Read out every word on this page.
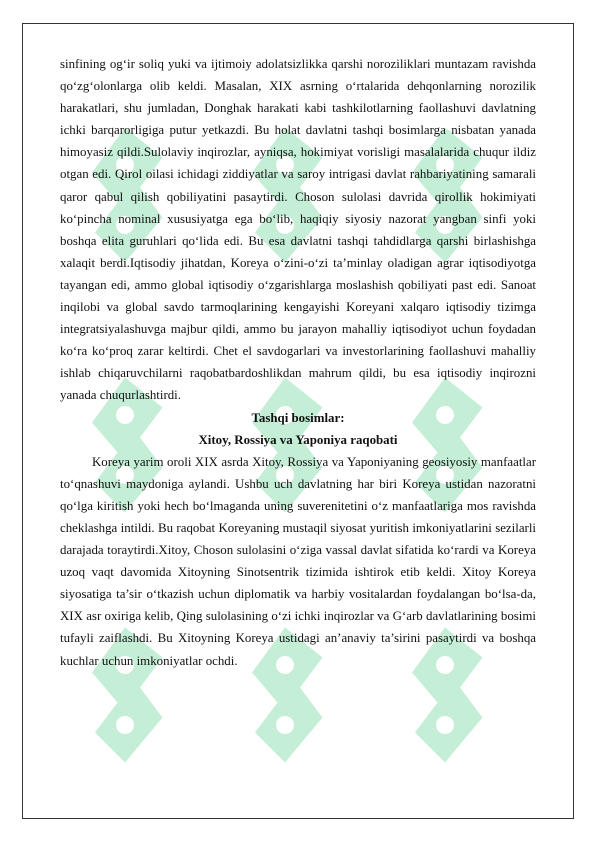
sinfining og‘ir soliq yuki va ijtimoiy adolatsizlikka qarshi noroziliklari muntazam ravishda qo‘zg‘olonlarga olib keldi. Masalan, XIX asrning o‘rtalarida dehqonlarning norozilik harakatlari, shu jumladan, Donghak harakati kabi tashkilotlarning faollashuvi davlatning ichki barqarorligiga putur yetkazdi. Bu holat davlatni tashqi bosimlarga nisbatan yanada himoyasiz qildi.Sulolaviy inqirozlar, ayniqsa, hokimiyat vorisligi masalalarida chuqur ildiz otgan edi. Qirol oilasi ichidagi ziddiyatlar va saroy intrigasi davlat rahbariyatining samarali qaror qabul qilish qobiliyatini pasaytirdi. Choson sulolasi davrida qirollik hokimiyati ko‘pincha nominal xususiyatga ega bo‘lib, haqiqiy siyosiy nazorat yangban sinfi yoki boshqa elita guruhlari qo‘lida edi. Bu esa davlatni tashqi tahdidlarga qarshi birlashishga xalaqit berdi.Iqtisodiy jihatdan, Koreya o‘zini-o‘zi ta’minlay oladigan agrar iqtisodiyotga tayangan edi, ammo global iqtisodiy o‘zgarishlarga moslashish qobiliyati past edi. Sanoat inqilobi va global savdo tarmoqlarining kengayishi Koreyani xalqaro iqtisodiy tizimga integratsiyalashuvga majbur qildi, ammo bu jarayon mahalliy iqtisodiyot uchun foydadan ko‘ra ko‘proq zarar keltirdi. Chet el savdogarlari va investorlarining faollashuvi mahalliy ishlab chiqaruvchilarni raqobatbardoshlikdan mahrum qildi, bu esa iqtisodiy inqirozni yanada chuqurlashtirdi.

Tashqi bosimlar:

Xitoy, Rossiya va Yaponiya raqobati

Koreya yarim oroli XIX asrda Xitoy, Rossiya va Yaponiyaning geosiyosiy manfaatlar to‘qnashuvi maydoniga aylandi. Ushbu uch davlatning har biri Koreya ustidan nazoratni qo‘lga kiritish yoki hech bo‘lmaganda uning suverenitetini o‘z manfaatlariga mos ravishda cheklashga intildi. Bu raqobat Koreyaning mustaqil siyosat yuritish imkoniyatlarini sezilarli darajada toraytirdi.Xitoy, Choson sulolasini o‘ziga vassal davlat sifatida ko‘rardi va Koreya uzoq vaqt davomida Xitoyning Sinotsentrik tizimida ishtirok etib keldi. Xitoy Koreya siyosatiga ta’sir o‘tkazish uchun diplomatik va harbiy vositalardan foydalangan bo‘lsa-da, XIX asr oxiriga kelib, Qing sulolasining o‘zi ichki inqirozlar va G‘arb davlatlarining bosimi tufayli zaiflashdi. Bu Xitoyning Koreya ustidagi an’anaviy ta’sirini pasaytirdi va boshqa kuchlar uchun imkoniyatlar ochdi.
